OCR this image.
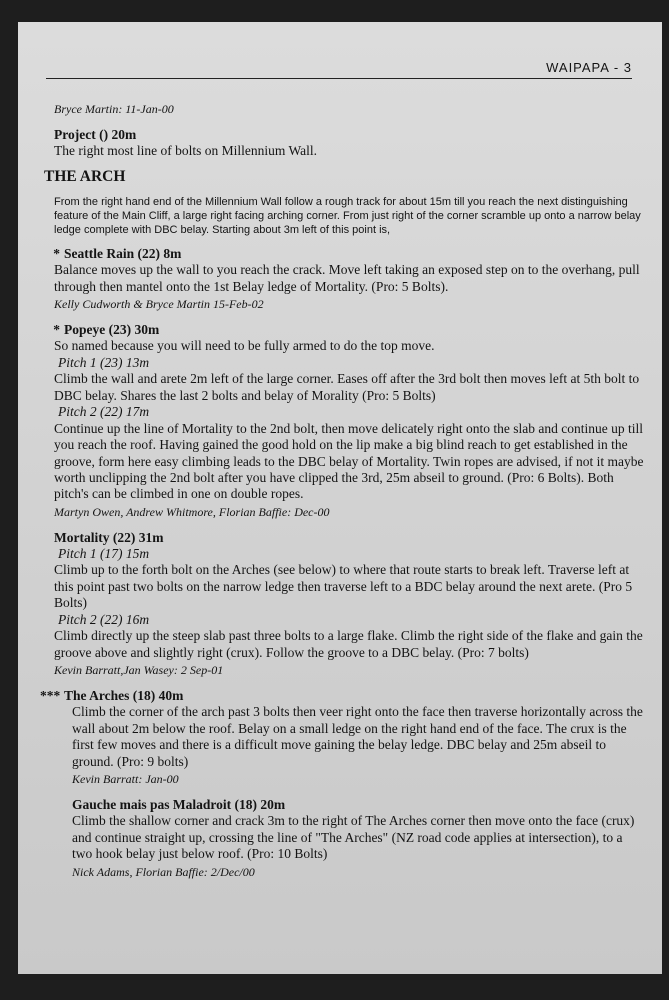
WAIPAPA - 3
Bryce Martin: 11-Jan-00
Project () 20m
The right most line of bolts on Millennium Wall.
THE ARCH
From the right hand end of the Millennium Wall follow a rough track for about 15m till you reach the next distinguishing feature of the Main Cliff, a large right facing arching corner. From just right of the corner scramble up onto a narrow belay ledge complete with DBC belay. Starting about 3m left of this point is,
* Seattle Rain (22) 8m
Balance moves up the wall to you reach the crack. Move left taking an exposed step on to the overhang, pull through then mantel onto the 1st Belay ledge of Mortality. (Pro: 5 Bolts).
Kelly Cudworth & Bryce Martin 15-Feb-02
* Popeye (23) 30m
So named because you will need to be fully armed to do the top move.
Pitch 1 (23) 13m
Climb the wall and arete 2m left of the large corner. Eases off after the 3rd bolt then moves left at 5th bolt to DBC belay. Shares the last 2 bolts and belay of Morality (Pro: 5 Bolts)
Pitch 2 (22) 17m
Continue up the line of Mortality to the 2nd bolt, then move delicately right onto the slab and continue up till you reach the roof. Having gained the good hold on the lip make a big blind reach to get established in the groove, form here easy climbing leads to the DBC belay of Mortality. Twin ropes are advised, if not it maybe worth unclipping the 2nd bolt after you have clipped the 3rd, 25m abseil to ground. (Pro: 6 Bolts). Both pitch's can be climbed in one on double ropes.
Martyn Owen, Andrew Whitmore, Florian Baffie: Dec-00
Mortality (22) 31m
Pitch 1 (17) 15m
Climb up to the forth bolt on the Arches (see below) to where that route starts to break left. Traverse left at this point past two bolts on the narrow ledge then traverse left to a BDC belay around the next arete. (Pro 5 Bolts)
Pitch 2 (22) 16m
Climb directly up the steep slab past three bolts to a large flake. Climb the right side of the flake and gain the groove above and slightly right (crux). Follow the groove to a DBC belay. (Pro: 7 bolts)
Kevin Barratt,Jan Wasey: 2 Sep-01
*** The Arches (18) 40m
Climb the corner of the arch past 3 bolts then veer right onto the face then traverse horizontally across the wall about 2m below the roof. Belay on a small ledge on the right hand end of the face. The crux is the first few moves and there is a difficult move gaining the belay ledge. DBC belay and 25m abseil to ground. (Pro: 9 bolts)
Kevin Barratt: Jan-00
Gauche mais pas Maladroit (18) 20m
Climb the shallow corner and crack 3m to the right of The Arches corner then move onto the face (crux) and continue straight up, crossing the line of "The Arches" (NZ road code applies at intersection), to a two hook belay just below roof. (Pro: 10 Bolts)
Nick Adams, Florian Baffie: 2/Dec/00
